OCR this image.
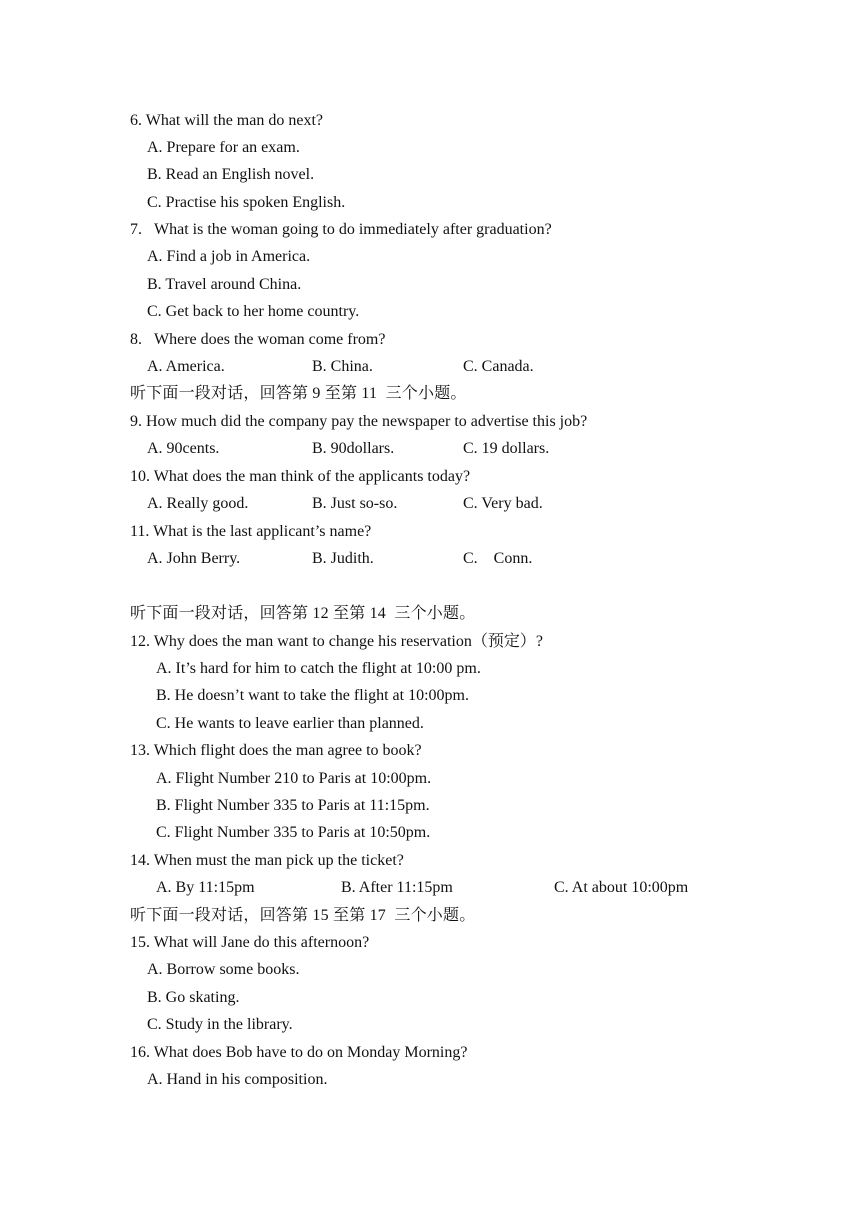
6. What will the man do next?
A. Prepare for an exam.
B. Read an English novel.
C. Practise his spoken English.
7.   What is the woman going to do immediately after graduation?
A. Find a job in America.
B. Travel around China.
C. Get back to her home country.
8.   Where does the woman come from?
A. America.	B. China.	C. Canada.
听下面一段对话，回答第 9 至第 11  三个小题。
9. How much did the company pay the newspaper to advertise this job?
A. 90cents.	B. 90dollars.	C. 19 dollars.
10. What does the man think of the applicants today?
A. Really good.	B. Just so-so.	C. Very bad.
11. What is the last applicant’s name?
A. John Berry.	B. Judith.	C.    Conn.
听下面一段对话，回答第 12 至第 14  三个小题。
12. Why does the man want to change his reservation（预定）?
A. It’s hard for him to catch the flight at 10:00 pm.
B. He doesn’t want to take the flight at 10:00pm.
C. He wants to leave earlier than planned.
13. Which flight does the man agree to book?
A. Flight Number 210 to Paris at 10:00pm.
B. Flight Number 335 to Paris at 11:15pm.
C. Flight Number 335 to Paris at 10:50pm.
14. When must the man pick up the ticket?
A. By 11:15pm	B. After 11:15pm	C. At about 10:00pm
听下面一段对话，回答第 15 至第 17  三个小题。
15. What will Jane do this afternoon?
A. Borrow some books.
B. Go skating.
C. Study in the library.
16. What does Bob have to do on Monday Morning?
A. Hand in his composition.
